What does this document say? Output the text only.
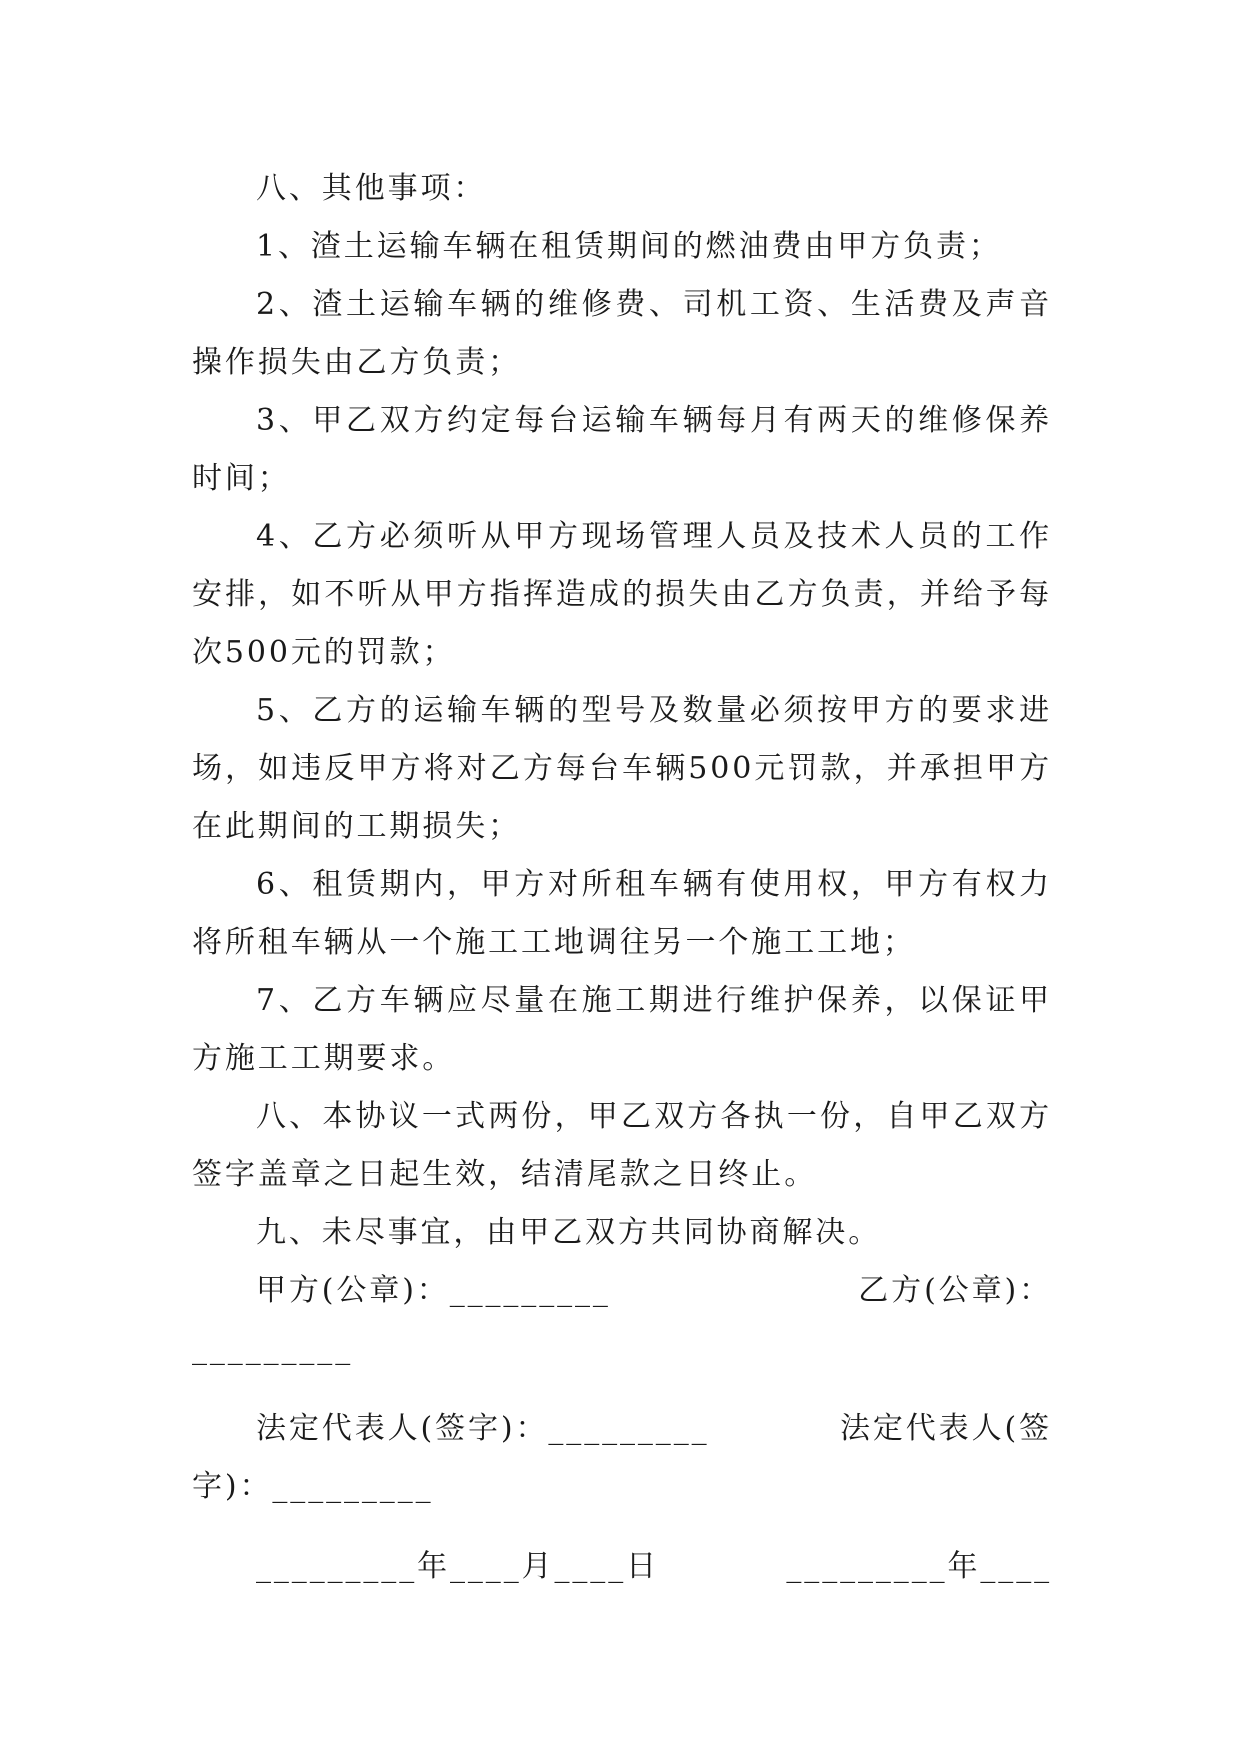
八、其他事项：

1、渣土运输车辆在租赁期间的燃油费由甲方负责；

2、渣土运输车辆的维修费、司机工资、生活费及声音操作损失由乙方负责；

3、甲乙双方约定每台运输车辆每月有两天的维修保养时间；

4、乙方必须听从甲方现场管理人员及技术人员的工作安排，如不听从甲方指挥造成的损失由乙方负责，并给予每次500元的罚款；

5、乙方的运输车辆的型号及数量必须按甲方的要求进场，如违反甲方将对乙方每台车辆500元罚款，并承担甲方在此期间的工期损失；

6、租赁期内，甲方对所租车辆有使用权，甲方有权力将所租车辆从一个施工工地调往另一个施工工地；

7、乙方车辆应尽量在施工期进行维护保养，以保证甲方施工工期要求。

八、本协议一式两份，甲乙双方各执一份，自甲乙双方签字盖章之日起生效，结清尾款之日终止。

九、未尽事宜，由甲乙双方共同协商解决。

甲方(公章)：_________	乙方(公章)：
_________
法定代表人(签字)：_________	法定代表人(签
字)：_________
_________年____月____日	_________年____
